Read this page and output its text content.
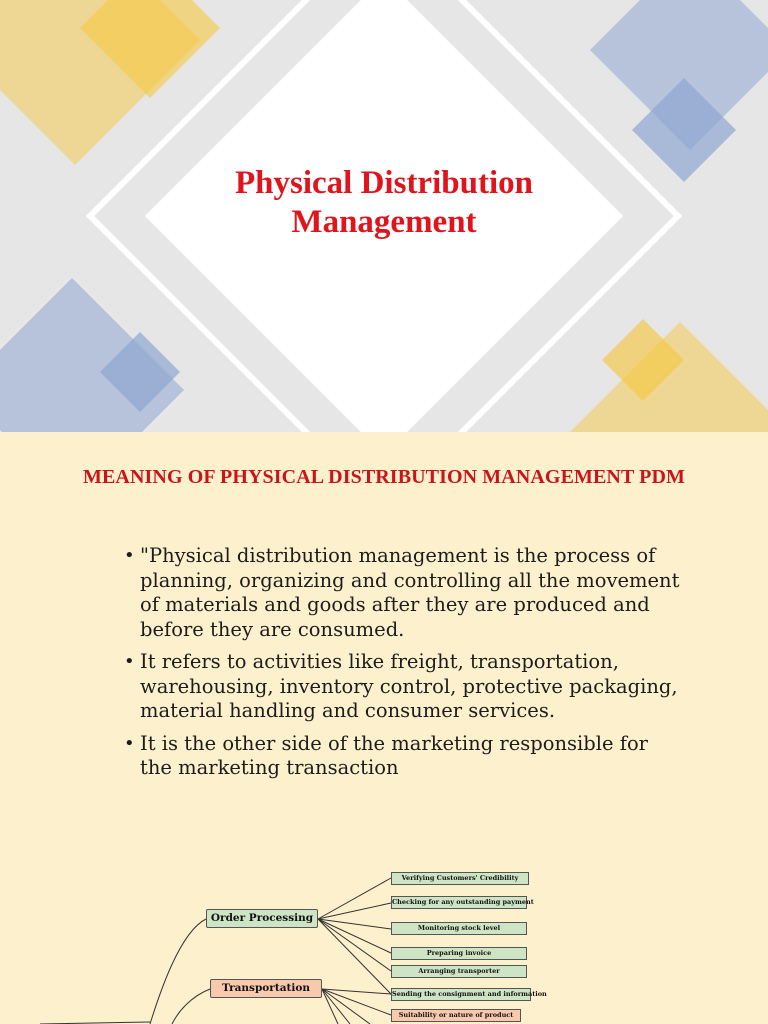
Physical Distribution
Management
MEANING OF PHYSICAL DISTRIBUTION MANAGEMENT PDM
• "Physical distribution management is the process of planning, organizing and controlling all the movement of materials and goods after they are produced and before they are consumed.
• It refers to activities like freight, transportation, warehousing, inventory control, protective packaging, material handling and consumer services.
• It is the other side of the marketing responsible for the marketing transaction
Order Processing
Transportation
Verifying Customers' Credibility
Checking for any outstanding payment
Monitoring stock level
Preparing invoice
Arranging transporter
Sending the consignment and information
Suitability or nature of product
